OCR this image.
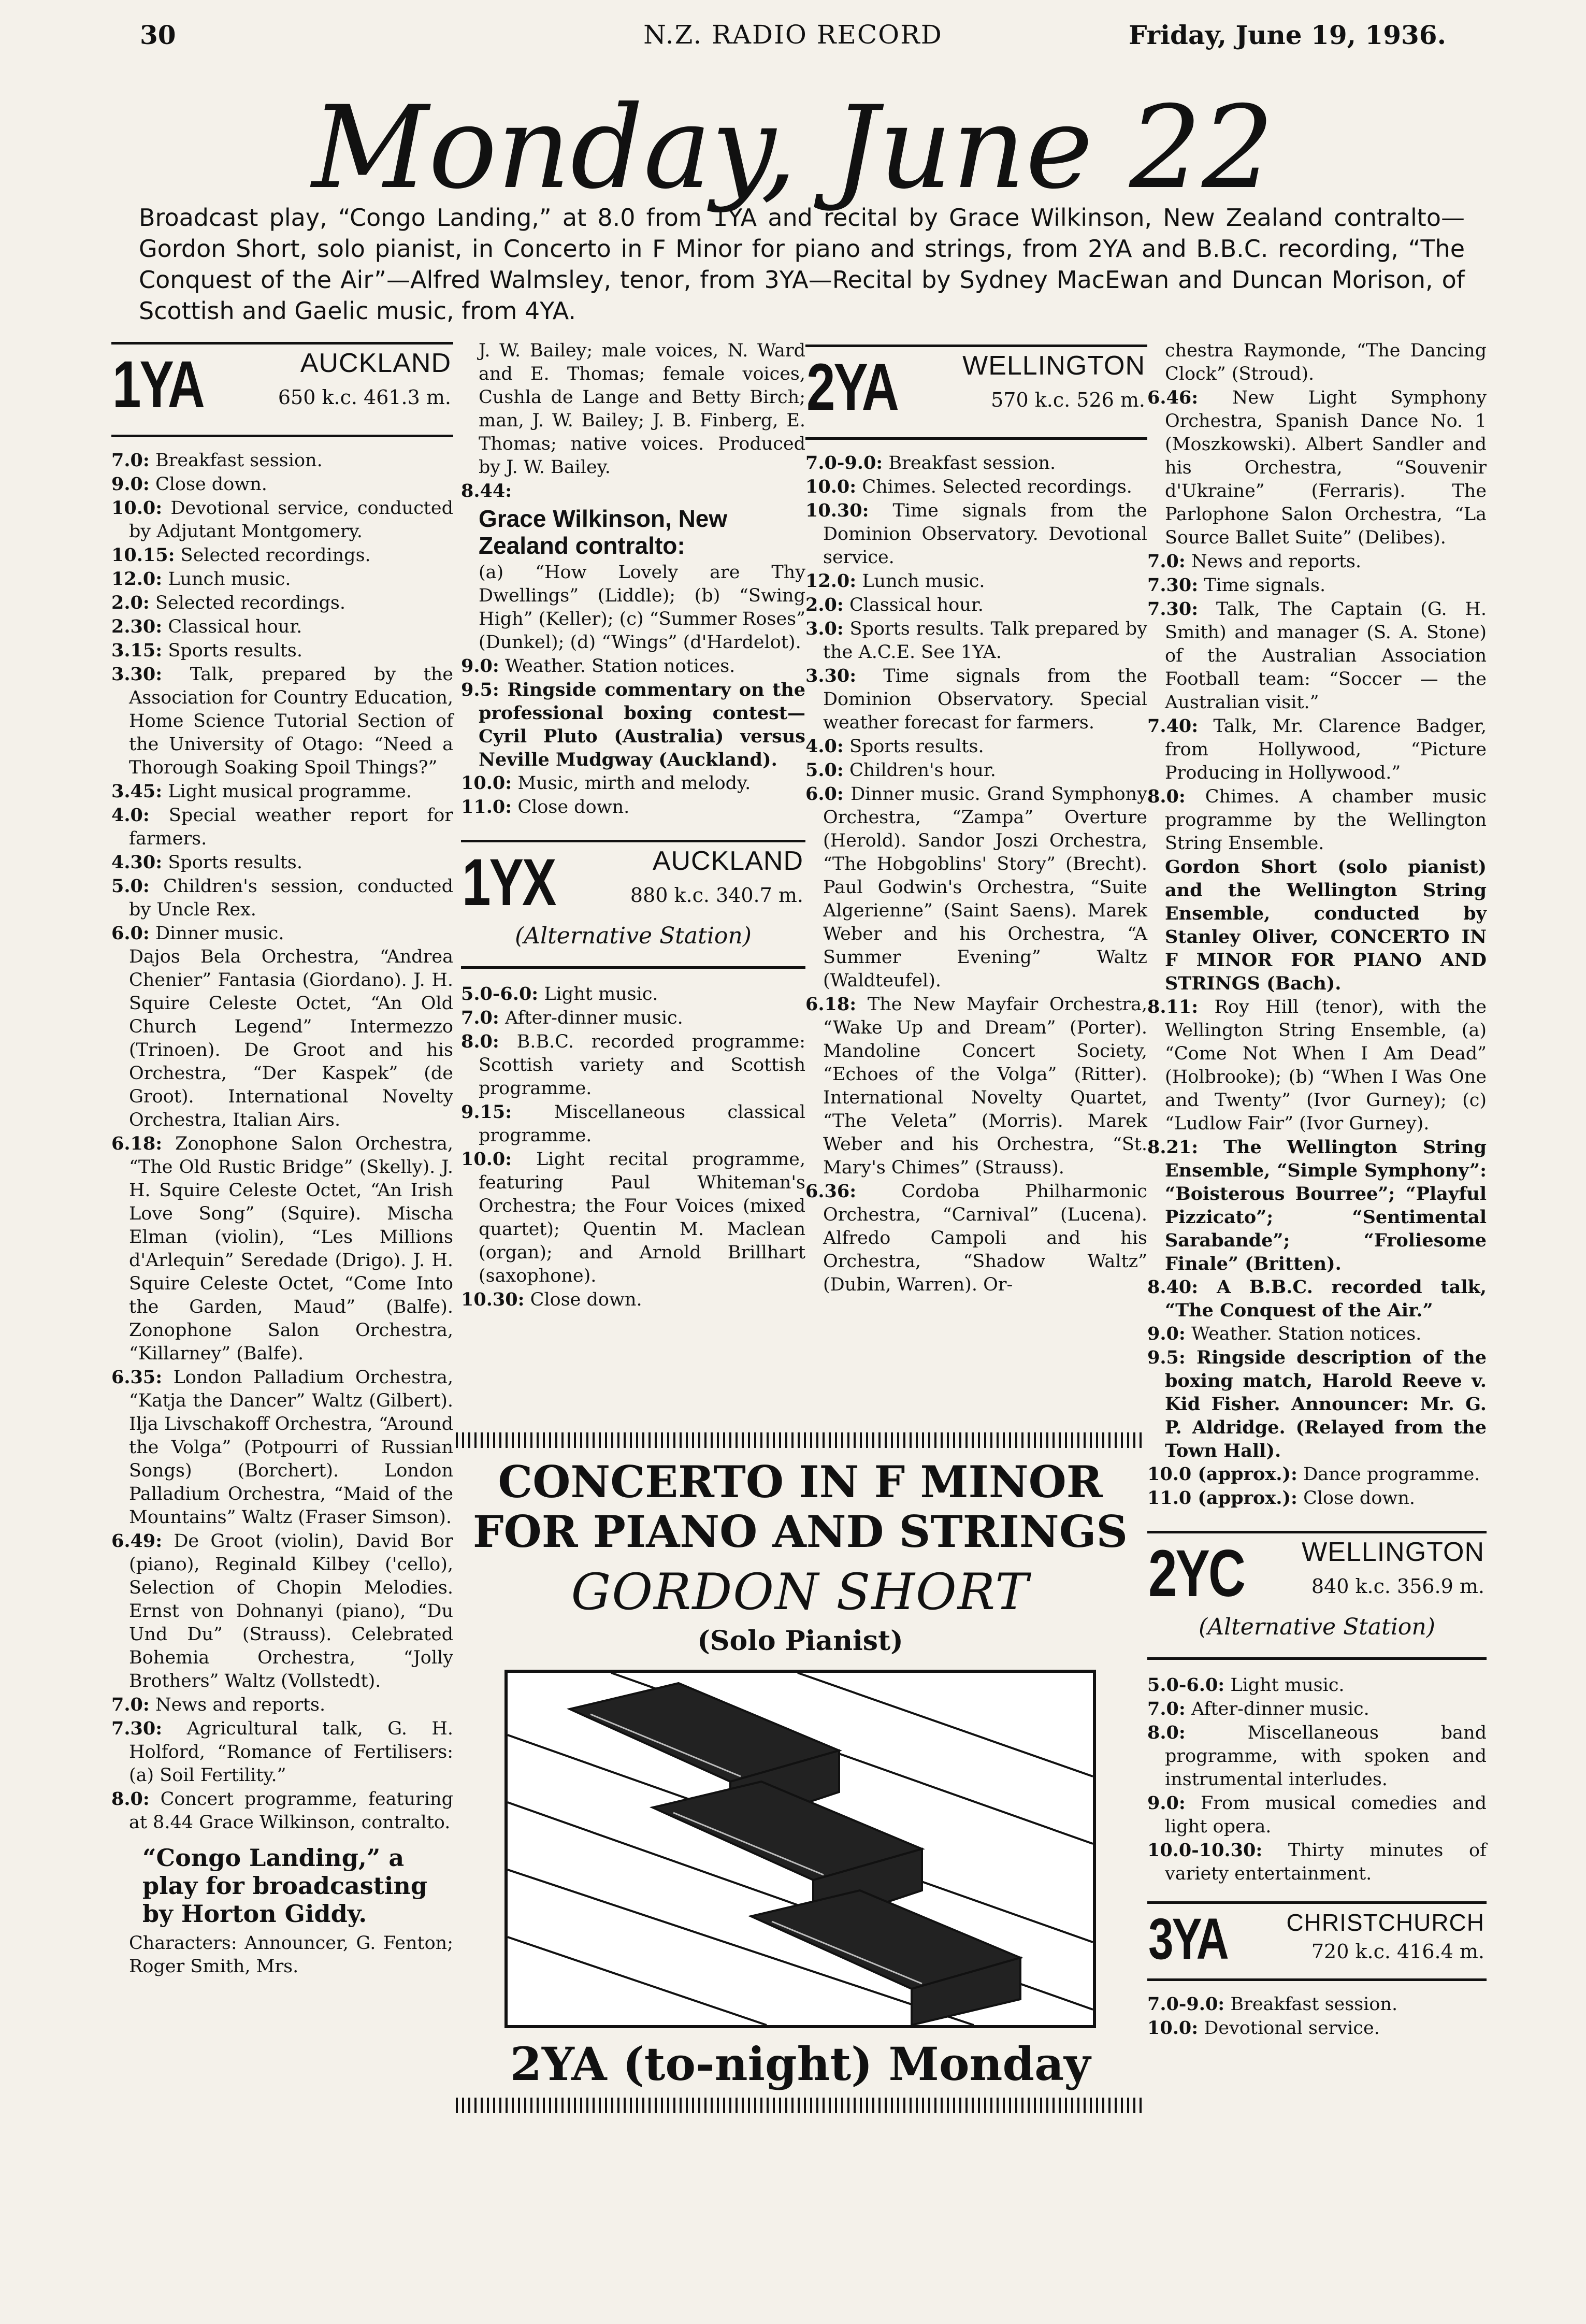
30	N.Z. RADIO RECORD	Friday, June 19, 1936.
Monday, June 22
Broadcast play, “Congo Landing,” at 8.0 from 1YA and recital by Grace Wilkinson, New Zealand contralto—Gordon Short, solo pianist, in Concerto in F Minor for piano and strings, from 2YA and B.B.C. recording, “The Conquest of the Air”—Alfred Walmsley, tenor, from 3YA—Recital by Sydney MacEwan and Duncan Morison, of Scottish and Gaelic music, from 4YA.
1YA	AUCKLAND
650 k.c. 461.3 m.

7.0: Breakfast session.

9.0: Close down.

10.0: Devotional service, conducted by Adjutant Montgomery.

10.15: Selected recordings.

12.0: Lunch music.

2.0: Selected recordings.

2.30: Classical hour.

3.15: Sports results.

3.30: Talk, prepared by the Association for Country Education, Home Science Tutorial Section of the University of Otago: “Need a Thorough Soaking Spoil Things?”

3.45: Light musical programme.

4.0: Special weather report for farmers.

4.30: Sports results.

5.0: Children's session, conducted by Uncle Rex.

6.0: Dinner music.

Dajos Bela Orchestra, “Andrea Chenier” Fantasia (Giordano). J. H. Squire Celeste Octet, “An Old Church Legend” Intermezzo (Trinoen). De Groot and his Orchestra, “Der Kaspek” (de Groot). International Novelty Orchestra, Italian Airs.

6.18: Zonophone Salon Orchestra, “The Old Rustic Bridge” (Skelly). J. H. Squire Celeste Octet, “An Irish Love Song” (Squire). Mischa Elman (violin), “Les Millions d'Arlequin” Seredade (Drigo). J. H. Squire Celeste Octet, “Come Into the Garden, Maud” (Balfe). Zonophone Salon Orchestra, “Killarney” (Balfe).

6.35: London Palladium Orchestra, “Katja the Dancer” Waltz (Gilbert). Ilja Livschakoff Orchestra, “Around the Volga” (Potpourri of Russian Songs) (Borchert). London Palladium Orchestra, “Maid of the Mountains” Waltz (Fraser Simson).

6.49: De Groot (violin), David Bor (piano), Reginald Kilbey ('cello), Selection of Chopin Melodies. Ernst von Dohnanyi (piano), “Du Und Du” (Strauss). Celebrated Bohemia Orchestra, “Jolly Brothers” Waltz (Vollstedt).

7.0: News and reports.

7.30: Agricultural talk, G. H. Holford, “Romance of Fertilisers: (a) Soil Fertility.”

8.0: Concert programme, featuring at 8.44 Grace Wilkinson, contralto.

“Congo Landing,” a play for broadcasting by Horton Giddy.

Characters: Announcer, G. Fenton; Roger Smith, Mrs.

J. W. Bailey; male voices, N. Ward and E. Thomas; female voices, Cushla de Lange and Betty Birch; man, J. W. Bailey; J. B. Finberg, E. Thomas; native voices. Produced by J. W. Bailey.

8.44:

Grace Wilkinson, New Zealand contralto:

(a) “How Lovely are Thy Dwellings” (Liddle); (b) “Swing High” (Keller); (c) “Summer Roses” (Dunkel); (d) “Wings” (d'Hardelot).

9.0: Weather. Station notices.

9.5: Ringside commentary on the professional boxing contest—Cyril Pluto (Australia) versus Neville Mudgway (Auckland).

10.0: Music, mirth and melody.

11.0: Close down.

1YX	AUCKLAND
880 k.c. 340.7 m.
(Alternative Station)

5.0-6.0: Light music.

7.0: After-dinner music.

8.0: B.B.C. recorded programme: Scottish variety and Scottish programme.

9.15: Miscellaneous classical programme.

10.0: Light recital programme, featuring Paul Whiteman's Orchestra; the Four Voices (mixed quartet); Quentin M. Maclean (organ); and Arnold Brillhart (saxophone).

10.30: Close down.

2YA WELLINGTON
570 k.c. 526 m.

7.0-9.0: Breakfast session.

10.0: Chimes. Selected recordings.

10.30: Time signals from the Dominion Observatory. Devotional service.

12.0: Lunch music.

2.0: Classical hour.

3.0: Sports results. Talk prepared by the A.C.E. See 1YA.

3.30: Time signals from the Dominion Observatory. Special weather forecast for farmers.

4.0: Sports results.

5.0: Children's hour.

6.0: Dinner music. Grand Symphony Orchestra, “Zampa” Overture (Herold). Sandor Joszi Orchestra, “The Hobgoblins' Story” (Brecht). Paul Godwin's Orchestra, “Suite Algerienne” (Saint Saens). Marek Weber and his Orchestra, “A Summer Evening” Waltz (Waldteufel).

6.18: The New Mayfair Orchestra, “Wake Up and Dream” (Porter). Mandoline Concert Society, “Echoes of the Volga” (Ritter). International Novelty Quartet, “The Veleta” (Morris). Marek Weber and his Orchestra, “St. Mary's Chimes” (Strauss).

6.36: Cordoba Philharmonic Orchestra, “Carnival” (Lucena). Alfredo Campoli and his Orchestra, “Shadow Waltz” (Dubin, Warren). Or-

chestra Raymonde, “The Dancing Clock” (Stroud).

6.46: New Light Symphony Orchestra, Spanish Dance No. 1 (Moszkowski). Albert Sandler and his Orchestra, “Souvenir d'Ukraine” (Ferraris). The Parlophone Salon Orchestra, “La Source Ballet Suite” (Delibes).

7.0: News and reports.

7.30: Time signals.

7.30: Talk, The Captain (G. H. Smith) and manager (S. A. Stone) of the Australian Association Football team: “Soccer — the Australian visit.”

7.40: Talk, Mr. Clarence Badger, from Hollywood, “Picture Producing in Hollywood.”

8.0: Chimes. A chamber music programme by the Wellington String Ensemble.

Gordon Short (solo pianist) and the Wellington String Ensemble, conducted by Stanley Oliver, CONCERTO IN F MINOR FOR PIANO AND STRINGS (Bach).

8.11: Roy Hill (tenor), with the Wellington String Ensemble, (a) “Come Not When I Am Dead” (Holbrooke); (b) “When I Was One and Twenty” (Ivor Gurney); (c) “Ludlow Fair” (Ivor Gurney).

8.21: The Wellington String Ensemble, “Simple Symphony”: “Boisterous Bourree”; “Playful Pizzicato”; “Sentimental Sarabande”; “Froliesome Finale” (Britten).

8.40: A B.B.C. recorded talk, “The Conquest of the Air.”

9.0: Weather. Station notices.

9.5: Ringside description of the boxing match, Harold Reeve v. Kid Fisher. Announcer: Mr. G. P. Aldridge. (Relayed from the Town Hall).

10.0 (approx.): Dance programme.

11.0 (approx.): Close down.

2YC WELLINGTON
840 k.c. 356.9 m.
(Alternative Station)

5.0-6.0: Light music.

7.0: After-dinner music.

8.0:	Miscellaneous band programme, with spoken and instrumental interludes.

9.0: From musical comedies and light opera.

10.0-10.30: Thirty minutes of variety entertainment.

3YA CHRISTCHURCH
720 k.c. 416.4 m.

7.0-9.0: Breakfast session.

10.0: Devotional service.

CONCERTO IN F MINOR
FOR PIANO AND STRINGS
GORDON SHORT
(Solo Pianist)
2YA (to-night) Monday
